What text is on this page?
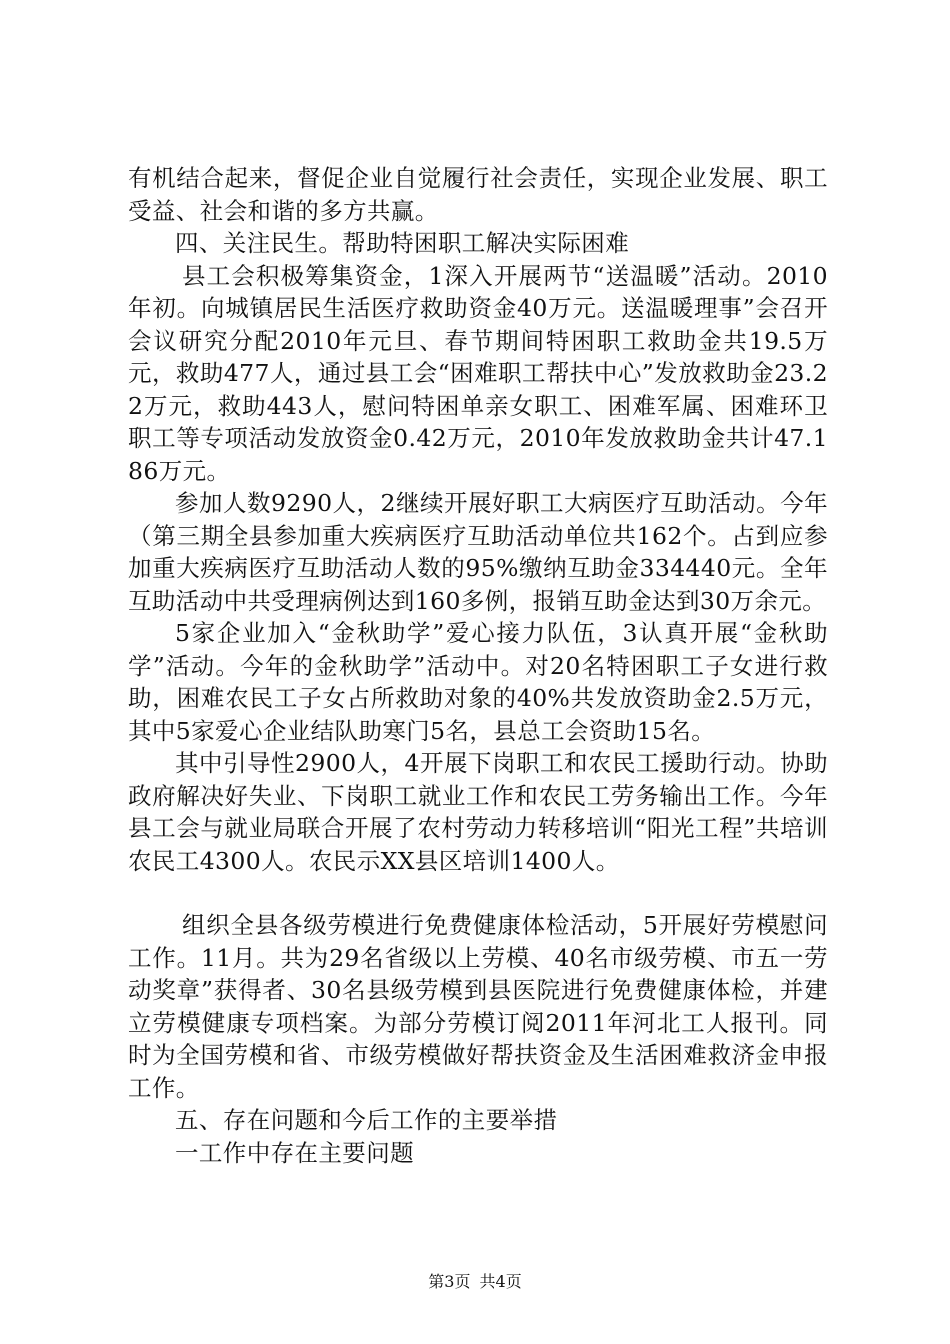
有机结合起来，督促企业自觉履行社会责任，实现企业发展、职工受益、社会和谐的多方共赢。

四、关注民生。帮助特困职工解决实际困难

县工会积极筹集资金，1深入开展两节“送温暖”活动。2010年初。向城镇居民生活医疗救助资金40万元。送温暖理事”会召开会议研究分配2010年元旦、春节期间特困职工救助金共19.5万元，救助477人，通过县工会“困难职工帮扶中心”发放救助金23.22万元，救助443人，慰问特困单亲女职工、困难军属、困难环卫职工等专项活动发放资金0.42万元，2010年发放救助金共计47.186万元。

参加人数9290人，2继续开展好职工大病医疗互助活动。今年（第三期全县参加重大疾病医疗互助活动单位共162个。占到应参加重大疾病医疗互助活动人数的95%缴纳互助金334440元。全年互助活动中共受理病例达到160多例，报销互助金达到30万余元。

5家企业加入“金秋助学”爱心接力队伍，3认真开展“金秋助学”活动。今年的金秋助学”活动中。对20名特困职工子女进行救助，困难农民工子女占所救助对象的40%共发放资助金2.5万元，其中5家爱心企业结队助寒门5名，县总工会资助15名。

其中引导性2900人，4开展下岗职工和农民工援助行动。协助政府解决好失业、下岗职工就业工作和农民工劳务输出工作。今年县工会与就业局联合开展了农村劳动力转移培训“阳光工程”共培训农民工4300人。农民示XX县区培训1400人。

组织全县各级劳模进行免费健康体检活动，5开展好劳模慰问工作。11月。共为29名省级以上劳模、40名市级劳模、市五一劳动奖章”获得者、30名县级劳模到县医院进行免费健康体检，并建立劳模健康专项档案。为部分劳模订阅2011年河北工人报刊。同时为全国劳模和省、市级劳模做好帮扶资金及生活困难救济金申报工作。

五、存在问题和今后工作的主要举措

一工作中存在主要问题

第3页 共4页
